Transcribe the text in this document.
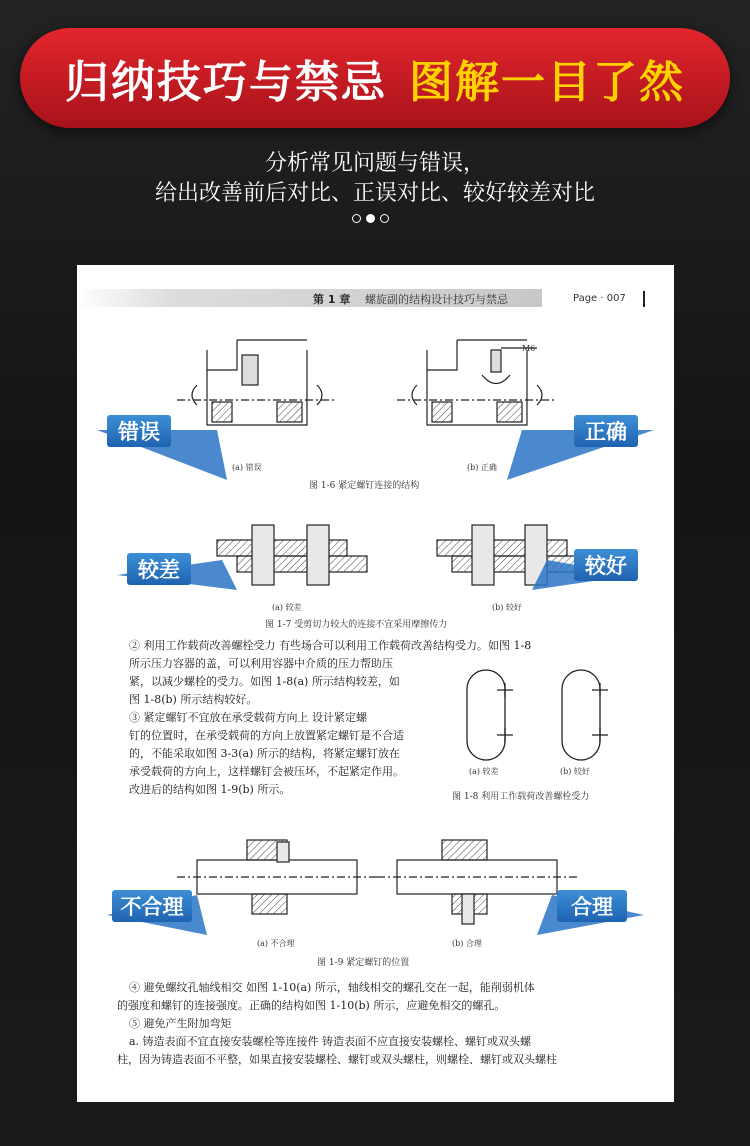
归纳技巧与禁忌 图解一目了然
分析常见问题与错误，
给出改善前后对比、正误对比、较好较差对比
第 1 章 螺旋副的结构设计技巧与禁忌	Page · 007
M6
错误	正确
(a) 错误	(b) 正确
图 1-6 紧定螺钉连接的结构
较差	较好
(a) 较差	(b) 较好
图 1-7 受剪切力较大的连接不宜采用摩擦传力
② 利用工作载荷改善螺栓受力 有些场合可以利用工作载荷改善结构受力。如图 1-8
所示压力容器的盖，可以利用容器中介质的压力帮助压
紧，以减少螺栓的受力。如图 1-8(a) 所示结构较差，如
图 1-8(b) 所示结构较好。
③ 紧定螺钉不宜放在承受载荷方向上 设计紧定螺
钉的位置时，在承受载荷的方向上放置紧定螺钉是不合适
的，不能采取如图 3-3(a) 所示的结构，将紧定螺钉放在
承受载荷的方向上，这样螺钉会被压坏，不起紧定作用。
改进后的结构如图 1-9(b) 所示。
(a) 较差	(b) 较好
图 1-8 利用工作载荷改善螺栓受力
不合理	合理
(a) 不合理	(b) 合理
图 1-9 紧定螺钉的位置
④ 避免螺纹孔轴线相交 如图 1-10(a) 所示，轴线相交的螺孔交在一起，能削弱机体
的强度和螺钉的连接强度。正确的结构如图 1-10(b) 所示，应避免相交的螺孔。
⑤ 避免产生附加弯矩
a. 铸造表面不宜直接安装螺栓等连接件 铸造表面不应直接安装螺栓、螺钉或双头螺
柱，因为铸造表面不平整，如果直接安装螺栓、螺钉或双头螺柱，则螺栓、螺钉或双头螺柱
